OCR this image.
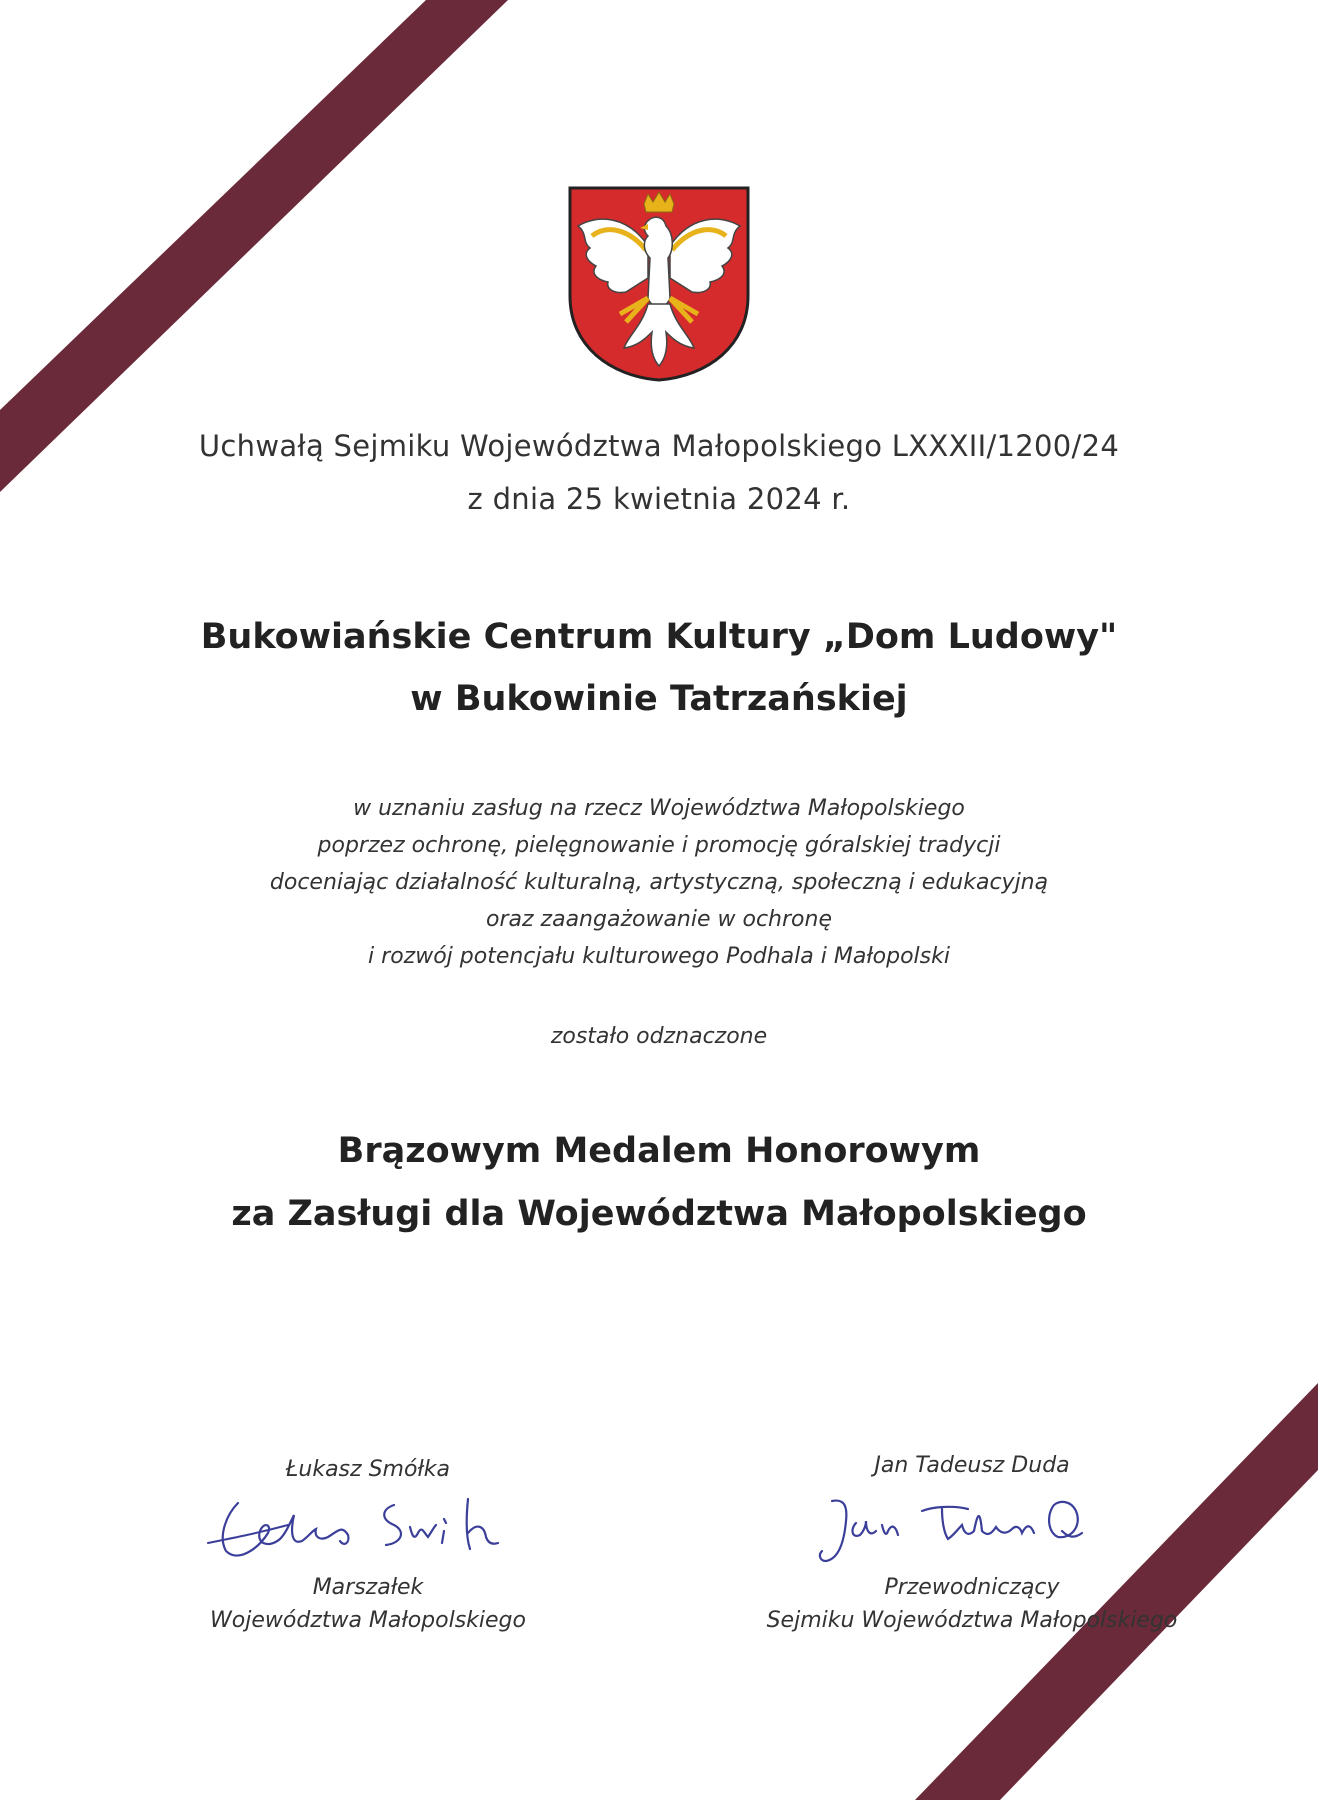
Uchwałą Sejmiku Województwa Małopolskiego LXXXII/1200/24
z dnia 25 kwietnia 2024 r.
Bukowiańskie Centrum Kultury „Dom Ludowy"
w Bukowinie Tatrzańskiej
w uznaniu zasług na rzecz Województwa Małopolskiego
poprzez ochronę, pielęgnowanie i promocję góralskiej tradycji
doceniając działalność kulturalną, artystyczną, społeczną i edukacyjną
oraz zaangażowanie w ochronę
i rozwój potencjału kulturowego Podhala i Małopolski
zostało odznaczone
Brązowym Medalem Honorowym
za Zasługi dla Województwa Małopolskiego
Łukasz Smółka
Marszałek
Województwa Małopolskiego
Jan Tadeusz Duda
Przewodniczący
Sejmiku Województwa Małopolskiego
